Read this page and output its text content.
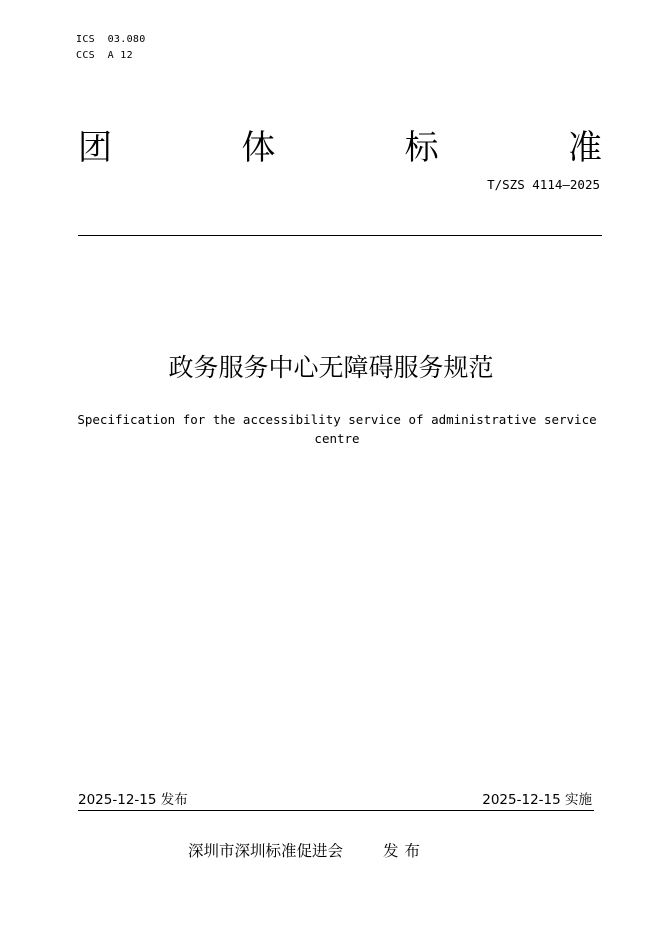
ICS  03.080
CCS  A 12
团	体	标	准
T/SZS 4114—2025
政务服务中心无障碍服务规范
Specification for the accessibility service of administrative service
centre
2025-12-15 发布	2025-12-15 实施
深圳市深圳标准促进会	发布
